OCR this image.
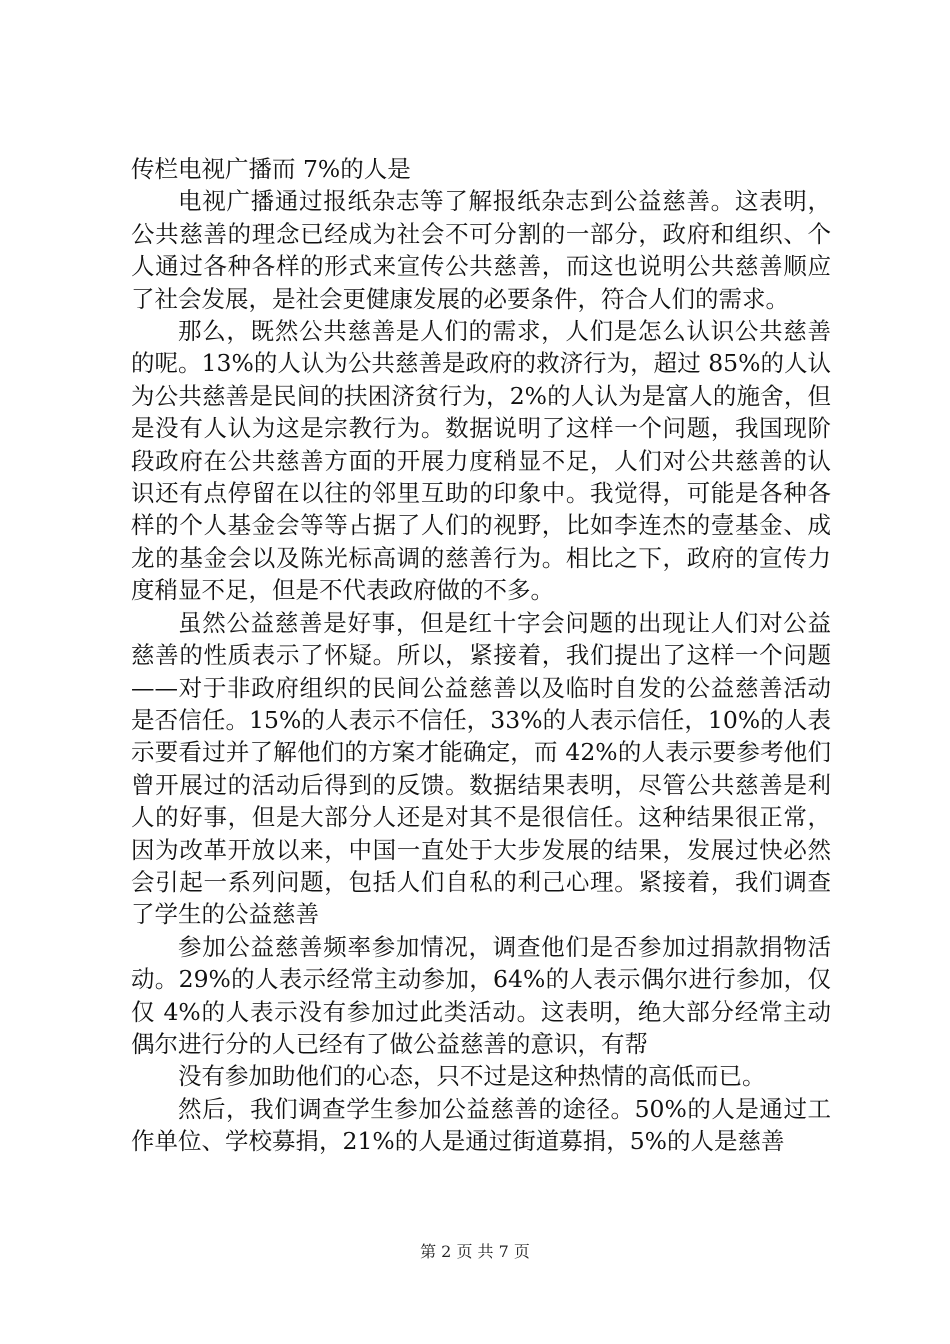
传栏电视广播而 7%的人是

电视广播通过报纸杂志等了解报纸杂志到公益慈善。这表明，公共慈善的理念已经成为社会不可分割的一部分，政府和组织、个人通过各种各样的形式来宣传公共慈善，而这也说明公共慈善顺应了社会发展，是社会更健康发展的必要条件，符合人们的需求。

那么，既然公共慈善是人们的需求，人们是怎么认识公共慈善的呢。13%的人认为公共慈善是政府的救济行为，超过 85%的人认为公共慈善是民间的扶困济贫行为，2%的人认为是富人的施舍，但是没有人认为这是宗教行为。数据说明了这样一个问题，我国现阶段政府在公共慈善方面的开展力度稍显不足，人们对公共慈善的认识还有点停留在以往的邻里互助的印象中。我觉得，可能是各种各样的个人基金会等等占据了人们的视野，比如李连杰的壹基金、成龙的基金会以及陈光标高调的慈善行为。相比之下，政府的宣传力度稍显不足，但是不代表政府做的不多。

虽然公益慈善是好事，但是红十字会问题的出现让人们对公益慈善的性质表示了怀疑。所以，紧接着，我们提出了这样一个问题——对于非政府组织的民间公益慈善以及临时自发的公益慈善活动是否信任。15%的人表示不信任，33%的人表示信任，10%的人表示要看过并了解他们的方案才能确定，而 42%的人表示要参考他们曾开展过的活动后得到的反馈。数据结果表明，尽管公共慈善是利人的好事，但是大部分人还是对其不是很信任。这种结果很正常，因为改革开放以来，中国一直处于大步发展的结果，发展过快必然会引起一系列问题，包括人们自私的利己心理。紧接着，我们调查了学生的公益慈善

参加公益慈善频率参加情况，调查他们是否参加过捐款捐物活动。29%的人表示经常主动参加，64%的人表示偶尔进行参加，仅仅 4%的人表示没有参加过此类活动。这表明，绝大部分经常主动偶尔进行分的人已经有了做公益慈善的意识，有帮

没有参加助他们的心态，只不过是这种热情的高低而已。

然后，我们调查学生参加公益慈善的途径。50%的人是通过工作单位、学校募捐，21%的人是通过街道募捐，5%的人是慈善

第 2 页 共 7 页
